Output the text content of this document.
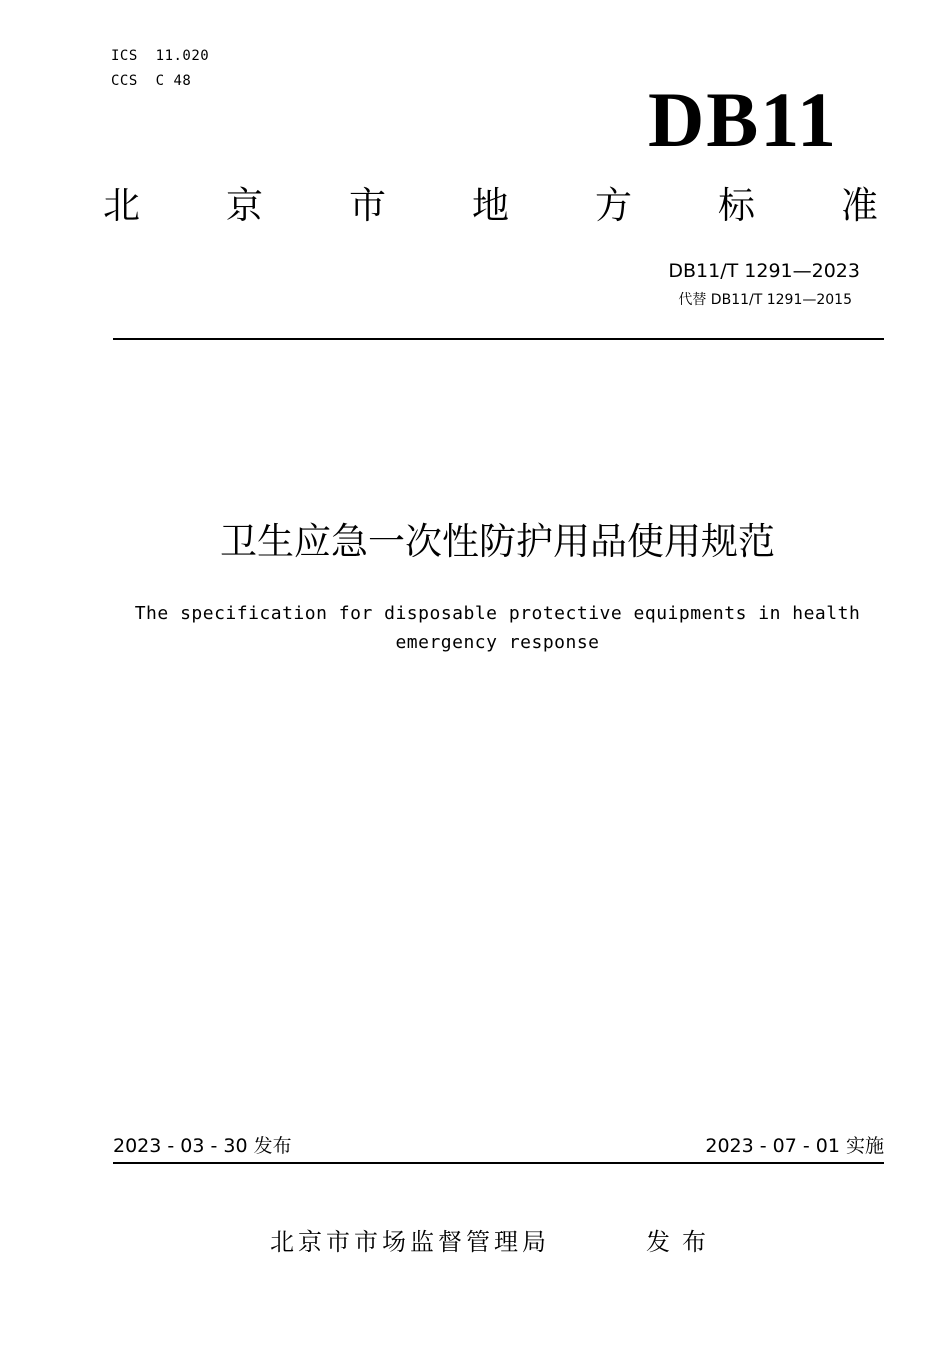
ICS  11.020
CCS  C 48	DB11
北 京 市 地 方 标 准
DB11/T 1291—2023
代替 DB11/T 1291—2015
卫生应急一次性防护用品使用规范
The specification for disposable protective equipments in health emergency response
2023 - 03 - 30 发布	2023 - 07 - 01 实施
北京市市场监督管理局	发布
